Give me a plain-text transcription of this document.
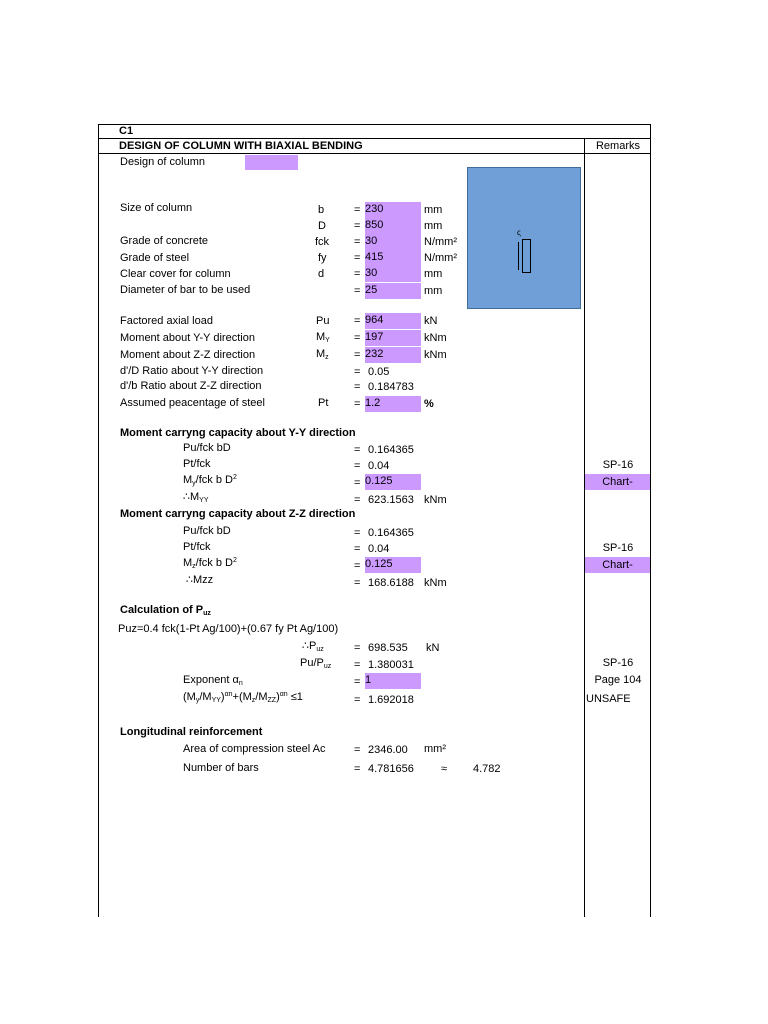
C1
DESIGN OF COLUMN WITH BIAXIAL BENDING	Remarks
Design of column
ς
Size of column	b	= 230	mm
D	= 850	mm
Grade of concrete	fck = 30	N/mm²
Grade of steel	fy = 415	N/mm²
Clear cover for column	d	= 30	mm
Diameter of bar to be used	= 25	mm
Factored axial load	Pu = 964	kN
Moment about Y-Y direction	$M_Y = 197$	kNm
Moment about Z-Z direction	$M_z = 232$	kNm
d'/D Ratio about Y-Y direction	= 0.05
d'/b Ratio about Z-Z direction	= 0.184783
Assumed peacentage of steel	Pt = 1.2	%
Moment carryng capacity about Y-Y direction
Pu/fck bD	= 0.164365
Pt/fck	= 0.04	SP-16
$M_y$/fck b $D^2$	= 0.125	Chart-
$\therefore M_{YY}$	= 623.1563 kNm
Moment carryng capacity about Z-Z direction
Pu/fck bD	= 0.164365
Pt/fck	= 0.04	SP-16
$M_z$/fck b $D^2$	= 0.125	Chart-
∴Mzz	= 168.6188 kNm
Calculation of $P_{uz}$
Puz=0.4 fck(1-Pt Ag/100)+(0.67 fy Pt Ag/100)
$\therefore P_{uz}$	= 698.535 kN
$Pu/P_{uz} = 1.380031$	SP-16
Exponent $\alpha_n$	= 1	Page 104
$(M_y/M_{YY})^{\alpha n}+(M_z/M_{ZZ})^{\alpha n} \le 1$	= 1.692018	UNSAFE
Longitudinal reinforcement
Area of compression steel Ac	= 2346.00 mm²
Number of bars	= 4.781656 ≈ 4.782
